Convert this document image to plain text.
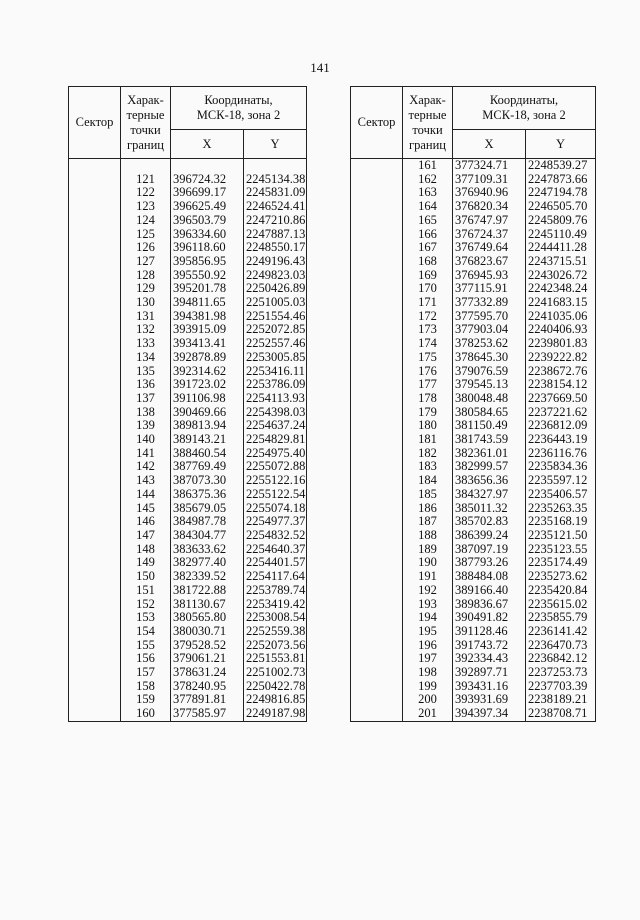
141
Сектор	Харак-
терные
точки
границ	Координаты,
МСК-18, зона 2	
		X	Y

	121	396724.32	2245134.38
	122	396699.17	2245831.09
	123	396625.49	2246524.41
	124	396503.79	2247210.86
	125	396334.60	2247887.13
	126	396118.60	2248550.17
	127	395856.95	2249196.43
	128	395550.92	2249823.03
	129	395201.78	2250426.89
	130	394811.65	2251005.03
	131	394381.98	2251554.46
	132	393915.09	2252072.85
	133	393413.41	2252557.46
	134	392878.89	2253005.85
	135	392314.62	2253416.11
	136	391723.02	2253786.09
	137	391106.98	2254113.93
	138	390469.66	2254398.03
	139	389813.94	2254637.24
	140	389143.21	2254829.81
	141	388460.54	2254975.40
	142	387769.49	2255072.88
	143	387073.30	2255122.16
	144	386375.36	2255122.54
	145	385679.05	2255074.18
	146	384987.78	2254977.37
	147	384304.77	2254832.52
	148	383633.62	2254640.37
	149	382977.40	2254401.57
	150	382339.52	2254117.64
	151	381722.88	2253789.74
	152	381130.67	2253419.42
	153	380565.80	2253008.54
	154	380030.71	2252559.38
	155	379528.52	2252073.56
	156	379061.21	2251553.81
	157	378631.24	2251002.73
	158	378240.95	2250422.78
	159	377891.81	2249816.85
	160	377585.97	2249187.98
Сектор	Харак-
терные
точки
границ	Координаты,
МСК-18, зона 2	
		X	Y
	161	377324.71	2248539.27
	162	377109.31	2247873.66
	163	376940.96	2247194.78
	164	376820.34	2246505.70
	165	376747.97	2245809.76
	166	376724.37	2245110.49
	167	376749.64	2244411.28
	168	376823.67	2243715.51
	169	376945.93	2243026.72
	170	377115.91	2242348.24
	171	377332.89	2241683.15
	172	377595.70	2241035.06
	173	377903.04	2240406.93
	174	378253.62	2239801.83
	175	378645.30	2239222.82
	176	379076.59	2238672.76
	177	379545.13	2238154.12
	178	380048.48	2237669.50
	179	380584.65	2237221.62
	180	381150.49	2236812.09
	181	381743.59	2236443.19
	182	382361.01	2236116.76
	183	382999.57	2235834.36
	184	383656.36	2235597.12
	185	384327.97	2235406.57
	186	385011.32	2235263.35
	187	385702.83	2235168.19
	188	386399.24	2235121.50
	189	387097.19	2235123.55
	190	387793.26	2235174.49
	191	388484.08	2235273.62
	192	389166.40	2235420.84
	193	389836.67	2235615.02
	194	390491.82	2235855.79
	195	391128.46	2236141.42
	196	391743.72	2236470.73
	197	392334.43	2236842.12
	198	392897.71	2237253.73
	199	393431.16	2237703.39
	200	393931.69	2238189.21
	201	394397.34	2238708.71
